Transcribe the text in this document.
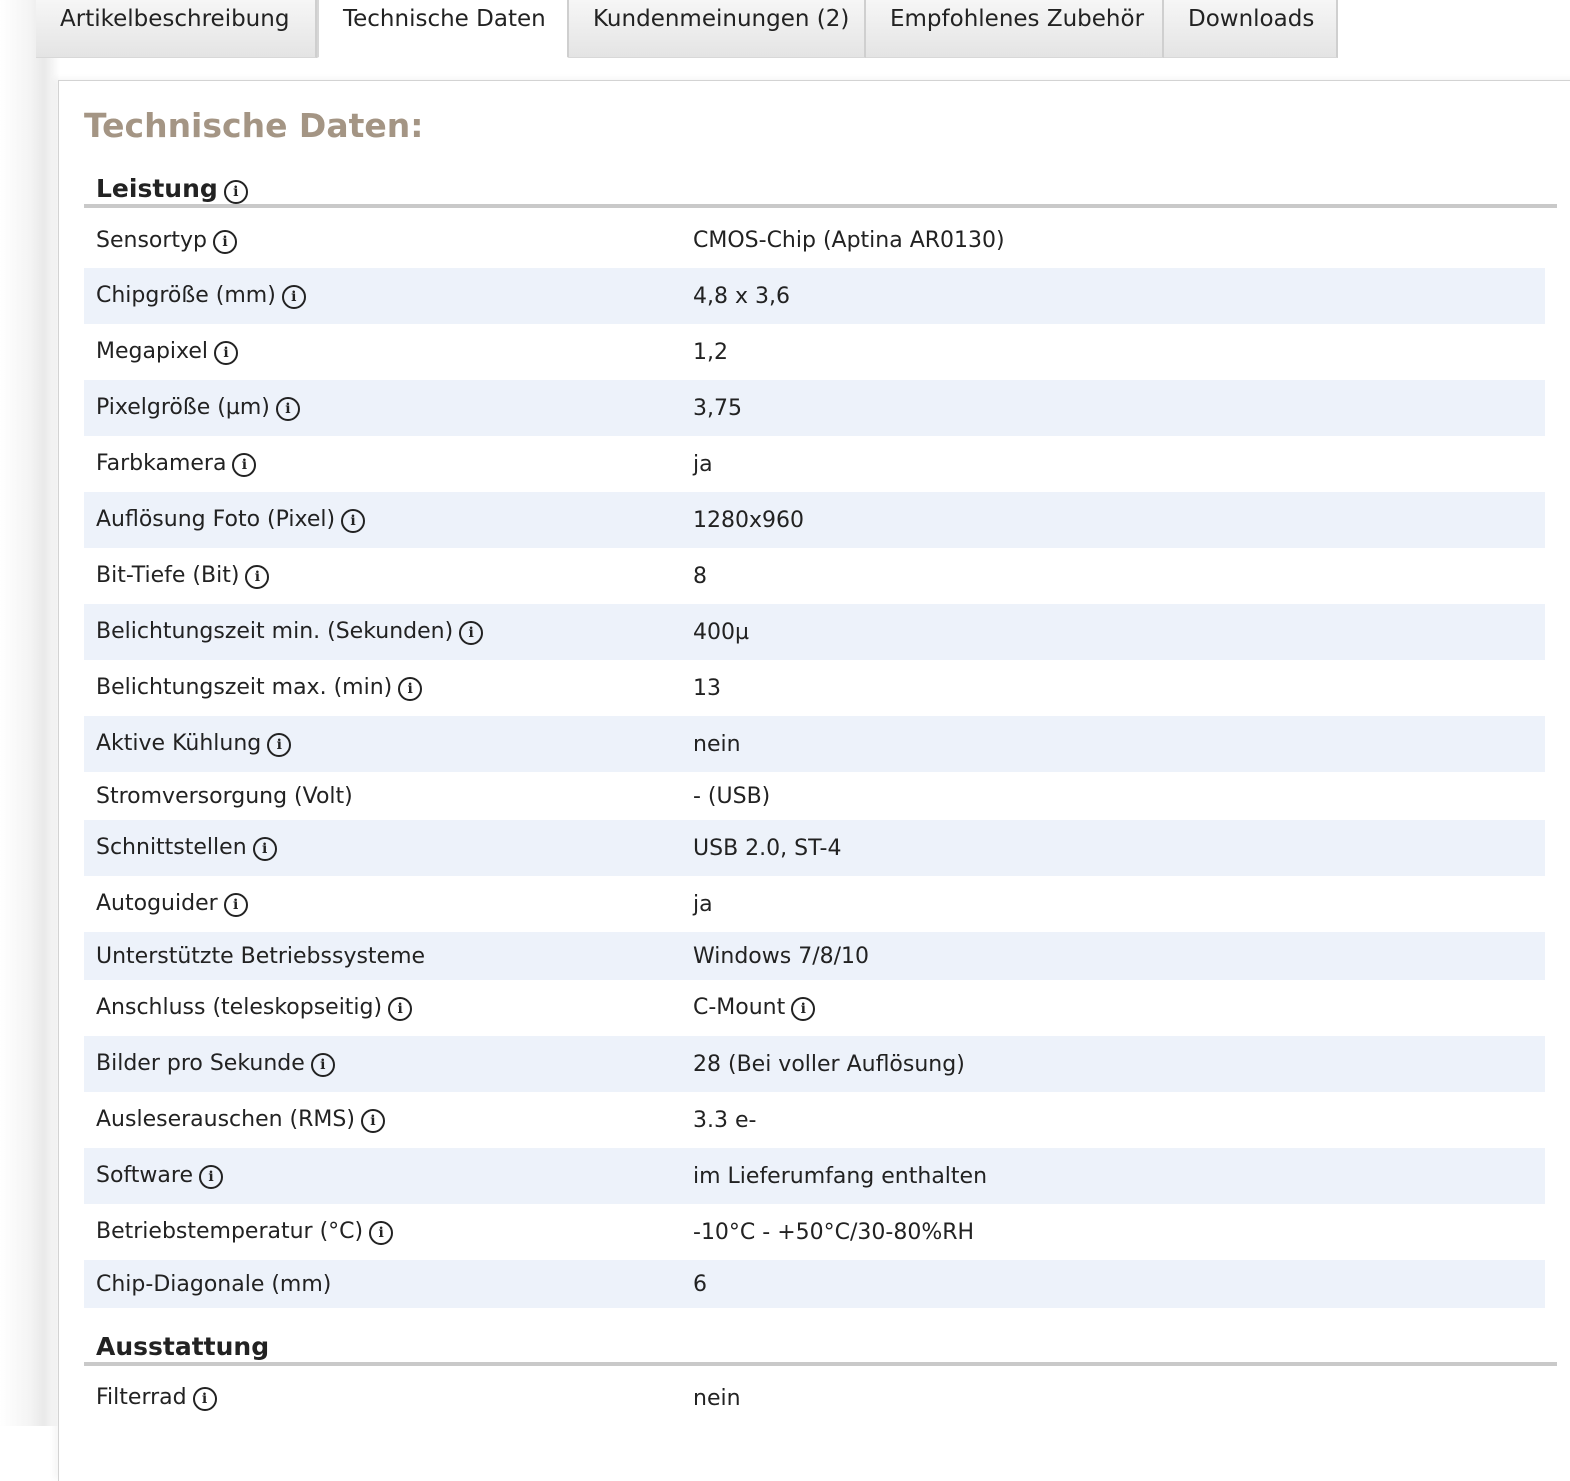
Artikelbeschreibung	Technische Daten	Kundenmeinungen (2)	Empfohlenes Zubehör	Downloads
Technische Daten:
Leistung i
Sensortyp i	CMOS-Chip (Aptina AR0130)
Chipgröße (mm) i	4,8 x 3,6
Megapixel i	1,2
Pixelgröße (µm) i	3,75
Farbkamera i	ja
Auflösung Foto (Pixel) i	1280x960
Bit-Tiefe (Bit) i	8
Belichtungszeit min. (Sekunden) i	400µ
Belichtungszeit max. (min) i	13
Aktive Kühlung i	nein
Stromversorgung (Volt)	- (USB)
Schnittstellen i	USB 2.0, ST-4
Autoguider i	ja
Unterstützte Betriebssysteme	Windows 7/8/10
Anschluss (teleskopseitig) i	C-Mount i
Bilder pro Sekunde i	28 (Bei voller Auflösung)
Ausleserauschen (RMS) i	3.3 e-
Software i	im Lieferumfang enthalten
Betriebstemperatur (°C) i	-10°C - +50°C/30-80%RH
Chip-Diagonale (mm)	6
Ausstattung
Filterrad i	nein
